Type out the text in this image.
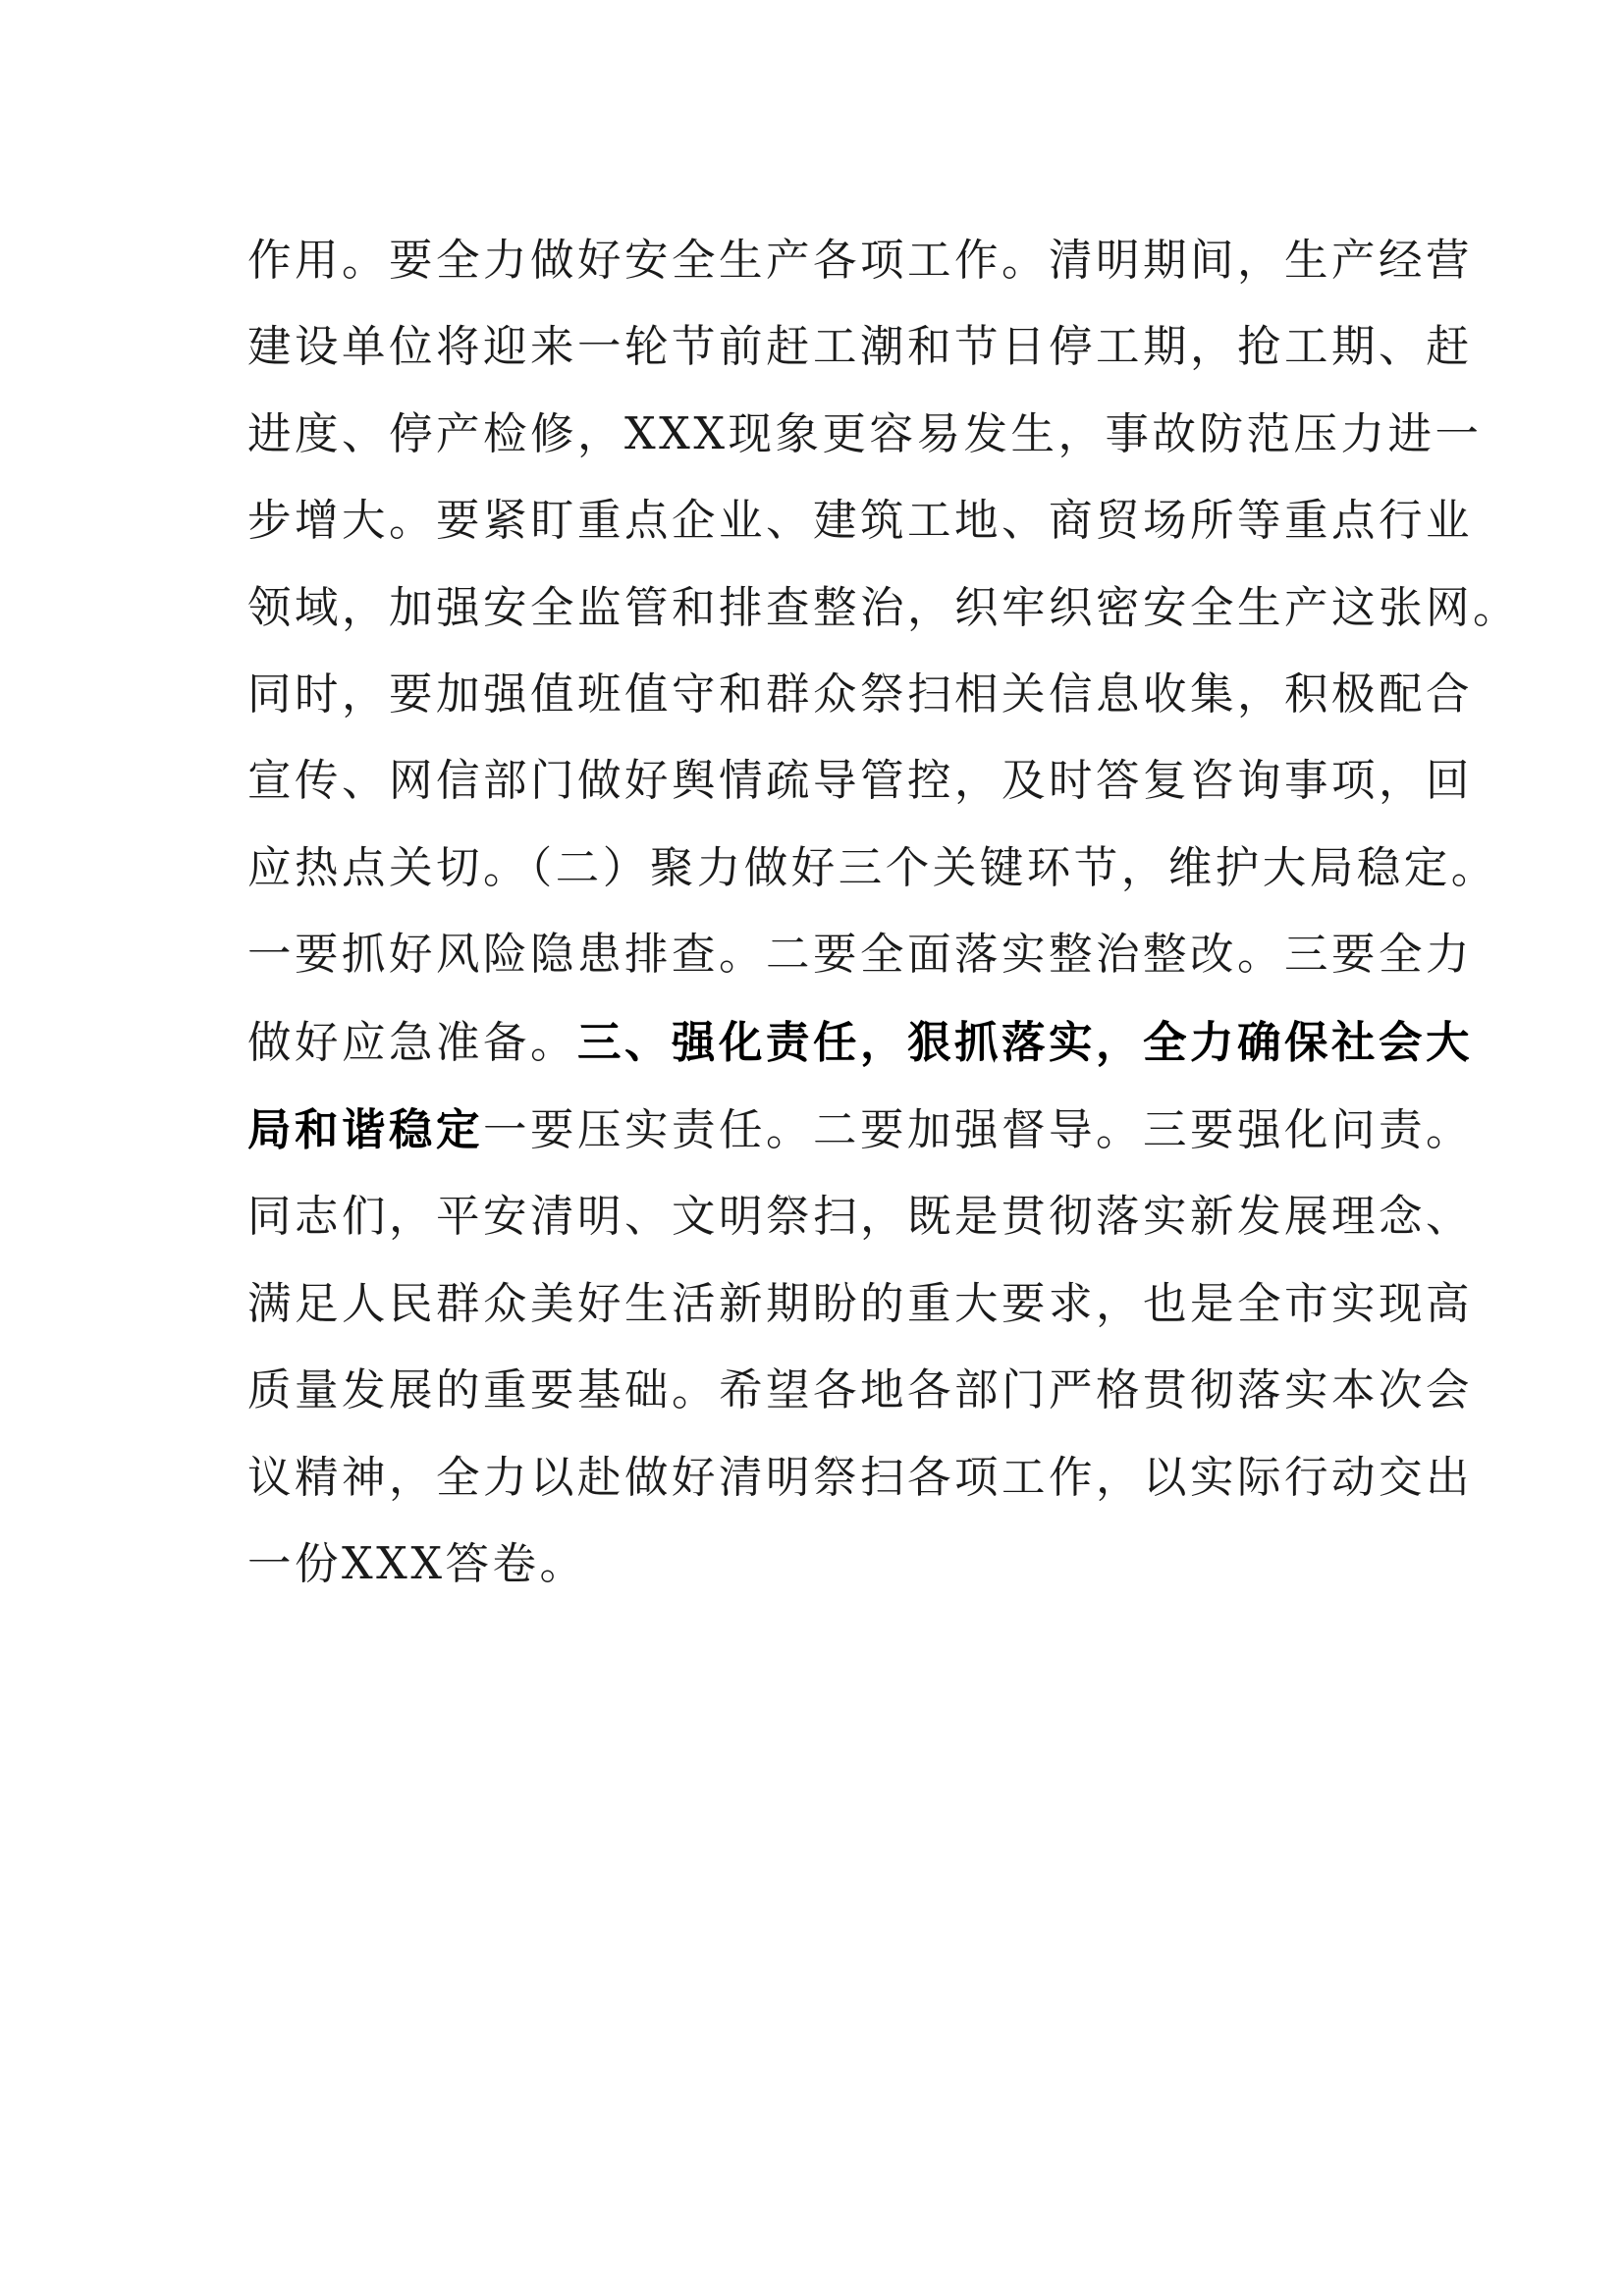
作用。要全力做好安全生产各项工作。清明期间，生产经营
建设单位将迎来一轮节前赶工潮和节日停工期，抢工期、赶
进度、停产检修，XXX现象更容易发生，事故防范压力进一
步增大。要紧盯重点企业、建筑工地、商贸场所等重点行业
领域，加强安全监管和排查整治，织牢织密安全生产这张网。
同时，要加强值班值守和群众祭扫相关信息收集，积极配合
宣传、网信部门做好舆情疏导管控，及时答复咨询事项，回
应热点关切。（二）聚力做好三个关键环节，维护大局稳定。
一要抓好风险隐患排查。二要全面落实整治整改。三要全力
做好应急准备。三、强化责任，狠抓落实，全力确保社会大
局和谐稳定一要压实责任。二要加强督导。三要强化问责。
同志们，平安清明、文明祭扫，既是贯彻落实新发展理念、
满足人民群众美好生活新期盼的重大要求，也是全市实现高
质量发展的重要基础。希望各地各部门严格贯彻落实本次会
议精神，全力以赴做好清明祭扫各项工作，以实际行动交出
一份XXX答卷。
